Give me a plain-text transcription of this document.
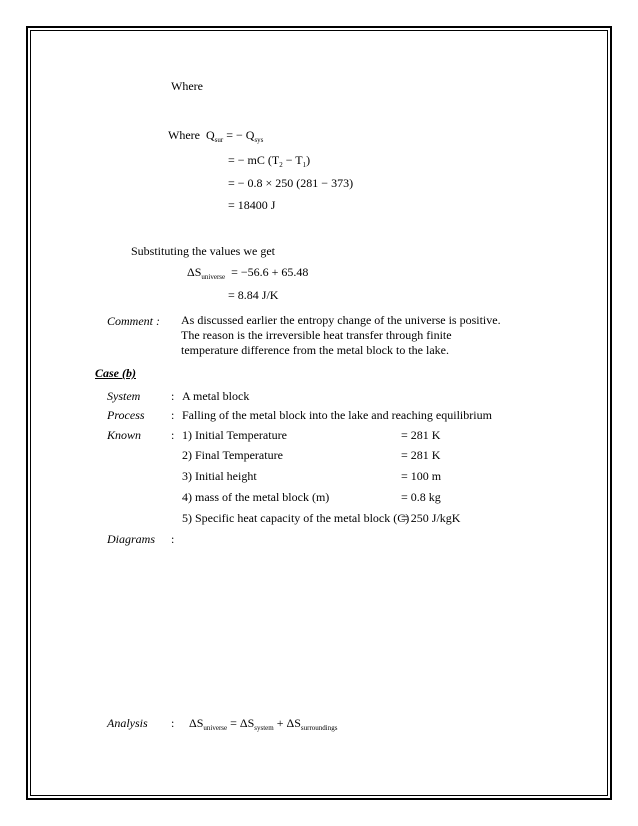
Where
Where $Q_{sur}$ = − $Q_{sys}$
= − mC $(T_2 - T_1)$
= − 0.8 × 250 (281 − 373)
= 18400 J
Substituting the values we get
$\Delta S_{universe} = -56.6 + 65.48$
= 8.84 J/K
Comment : As discussed earlier the entropy change of the universe is positive. The reason is the irreversible heat transfer through finite temperature difference from the metal block to the lake.
Case (b)
System	: A metal block
Process : Falling of the metal block into the lake and reaching equilibrium
Known : 1) Initial Temperature	= 281 K
2) Final Temperature	= 281 K
3) Initial height	= 100 m
4) mass of the metal block (m)	= 0.8 kg
5) Specific heat capacity of the metal block (C)
= 250 J/kgK
Diagrams :
Analysis : $\Delta S_{universe} = \Delta S_{system} + \Delta S_{surroundings}$
